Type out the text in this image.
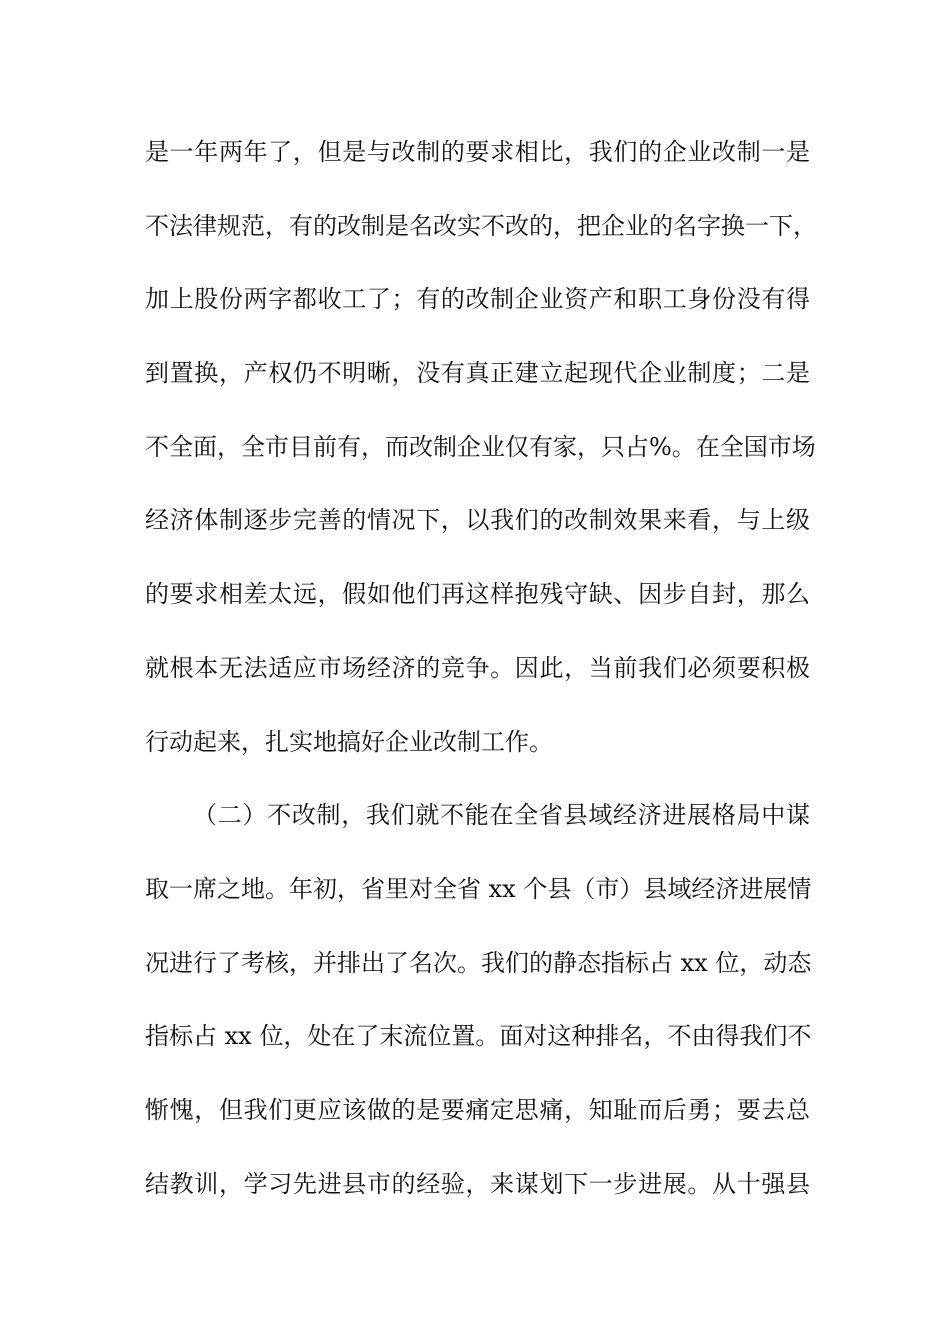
是一年两年了，但是与改制的要求相比，我们的企业改制一是
不法律规范，有的改制是名改实不改的，把企业的名字换一下，
加上股份两字都收工了；有的改制企业资产和职工身份没有得
到置换，产权仍不明晰，没有真正建立起现代企业制度；二是
不全面，全市目前有，而改制企业仅有家，只占%。在全国市场
经济体制逐步完善的情况下，以我们的改制效果来看，与上级
的要求相差太远，假如他们再这样抱残守缺、因步自封，那么
就根本无法适应市场经济的竞争。因此，当前我们必须要积极
行动起来，扎实地搞好企业改制工作。
（二）不改制，我们就不能在全省县域经济进展格局中谋
取一席之地。年初，省里对全省 xx 个县（市）县域经济进展情
况进行了考核，并排出了名次。我们的静态指标占 xx 位，动态
指标占 xx 位，处在了末流位置。面对这种排名，不由得我们不
惭愧，但我们更应该做的是要痛定思痛，知耻而后勇；要去总
结教训，学习先进县市的经验，来谋划下一步进展。从十强县
